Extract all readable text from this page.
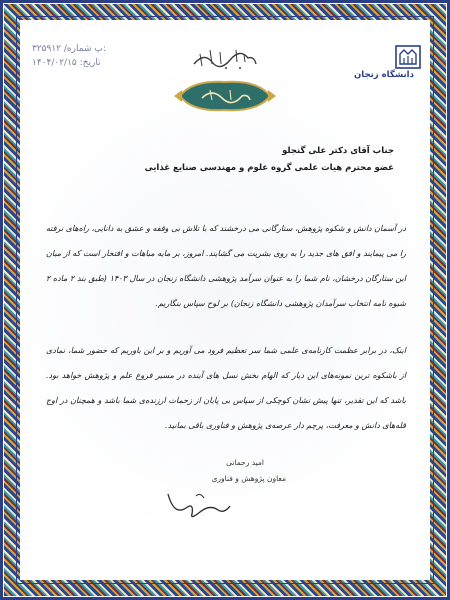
۳۲۵۹۱۲ /پ شماره:
تاریخ: ۱۴۰۴/۰۲/۱۵
دانشگاه زنجان
جناب آقای دکتر علی گنجلو
عضو محترم هیات علمی گروه علوم و مهندسی صنایع غذایی
در آسمان دانش و شکوه پژوهش، ستارگانی می درخشند که با تلاش بی وقفه و عشق به دانایی، راه‌های نرفته را می پیمایند و افق های جدید را به روی بشریت می گشایند. امروز، بر مایه مباهات و افتخار است که از میان این ستارگان درخشان، نام شما را به عنوان سرآمد پژوهشی دانشگاه زنجان در سال ۱۴۰۳ (طبق بند ۲ ماده ۲ شیوه نامه انتخاب سرآمدان پژوهشی دانشگاه زنجان) بر لوح سپاس بنگاریم.
اینک، در برابر عظمت کارنامه‌ی علمی شما سر تعظیم فرود می آوریم و بر این باوریم که حضور شما، نمادی از باشکوه ترین نمونه‌های این دیار که الهام بخش نسل های آینده در مسیر فروغ علم و پژوهش خواهد بود. باشد که این تقدیر، تنها پیش نشان کوچکی از سپاس بی پایان از زحمات ارزنده‌ی شما باشد و همچنان در اوج قله‌های دانش و معرفت، پرچم دار عرصه‌ی پژوهش و فناوری باقی بمانید.
امید رحمانی
معاون پژوهش و فناوری
